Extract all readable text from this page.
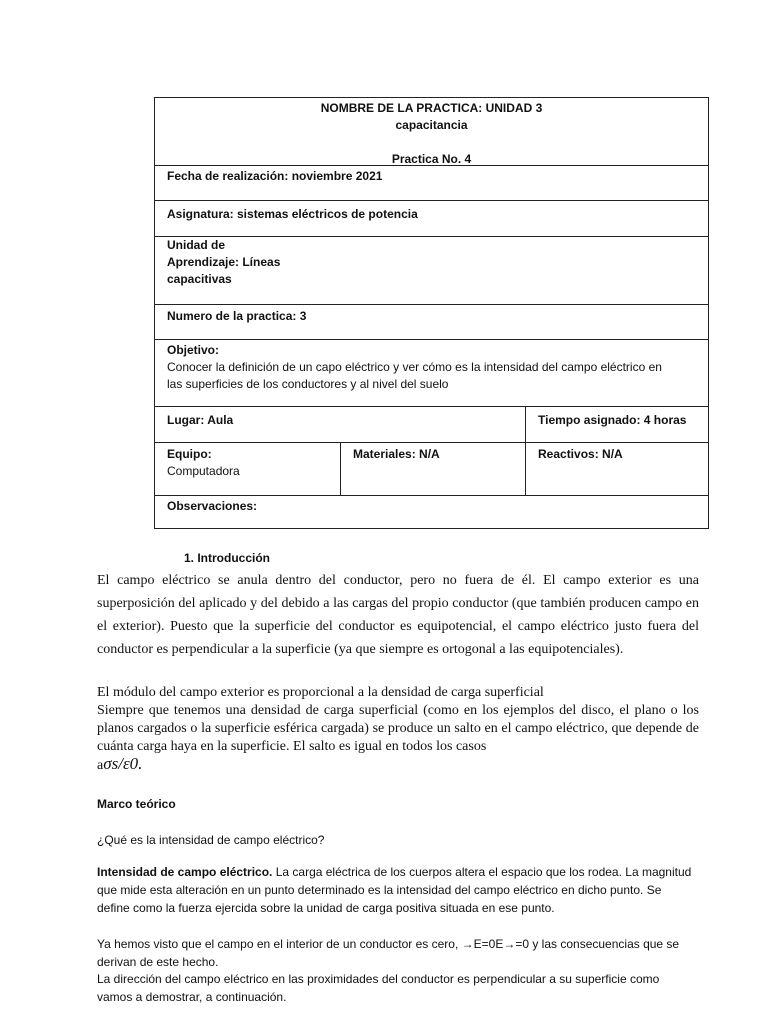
NOMBRE DE LA PRACTICA: UNIDAD 3
capacitancia
Practica No. 4
Fecha de realización: noviembre 2021
Asignatura: sistemas eléctricos de potencia
Unidad de
Aprendizaje: Líneas
capacitivas
Numero de la practica: 3
Objetivo:
Conocer la definición de un capo eléctrico y ver cómo es la intensidad del campo eléctrico en
las superficies de los conductores y al nivel del suelo
Lugar: Aula	Tiempo asignado: 4 horas
Equipo:
Computadora
Materiales: N/A	Reactivos: N/A
Observaciones:
1. Introducción
El campo eléctrico se anula dentro del conductor, pero no fuera de él. El campo exterior es una superposición del aplicado y del debido a las cargas del propio conductor (que también producen campo en el exterior). Puesto que la superficie del conductor es equipotencial, el campo eléctrico justo fuera del conductor es perpendicular a la superficie (ya que siempre es ortogonal a las equipotenciales).
El módulo del campo exterior es proporcional a la densidad de carga superficial
Siempre que tenemos una densidad de carga superficial (como en los ejemplos del disco, el plano o los planos cargados o la superficie esférica cargada) se produce un salto en el campo eléctrico, que depende de cuánta carga haya en la superficie. El salto es igual en todos los casos
aσs/ε0.
Marco teórico
¿Qué es la intensidad de campo eléctrico?
Intensidad de campo eléctrico. La carga eléctrica de los cuerpos altera el espacio que los rodea. La magnitud que mide esta alteración en un punto determinado es la intensidad del campo eléctrico en dicho punto. Se define como la fuerza ejercida sobre la unidad de carga positiva situada en ese punto.
Ya hemos visto que el campo en el interior de un conductor es cero, →E=0E→=0 y las consecuencias que se derivan de este hecho.
La dirección del campo eléctrico en las proximidades del conductor es perpendicular a su superficie como vamos a demostrar, a continuación.
